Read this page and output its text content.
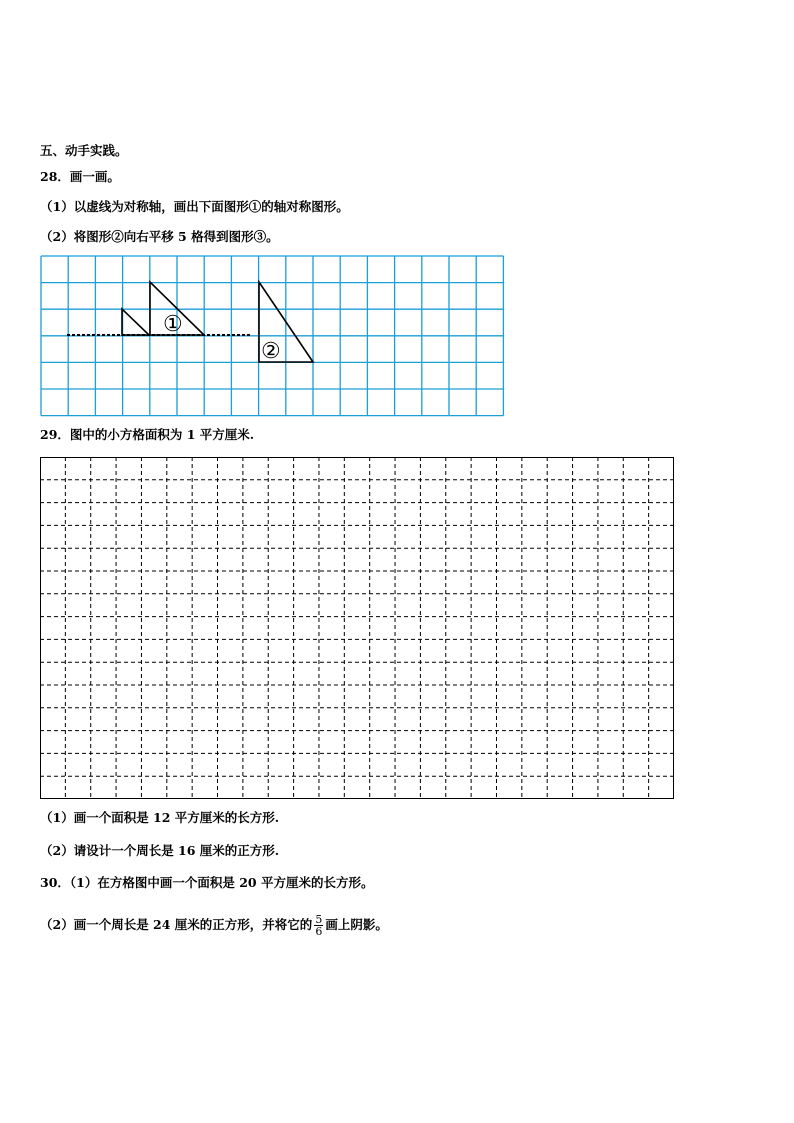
五、动手实践。
28．画一画。
（1）以虚线为对称轴，画出下面图形①的轴对称图形。
（2）将图形②向右平移 5 格得到图形③。
①
②
29．图中的小方格面积为 1 平方厘米.
（1）画一个面积是 12 平方厘米的长方形.
（2）请设计一个周长是 16 厘米的正方形.
30．（1）在方格图中画一个面积是 20 平方厘米的长方形。
（2）画一个周长是 24 厘米的正方形，并将它的 $\frac{5}{6}$ 画上阴影。
